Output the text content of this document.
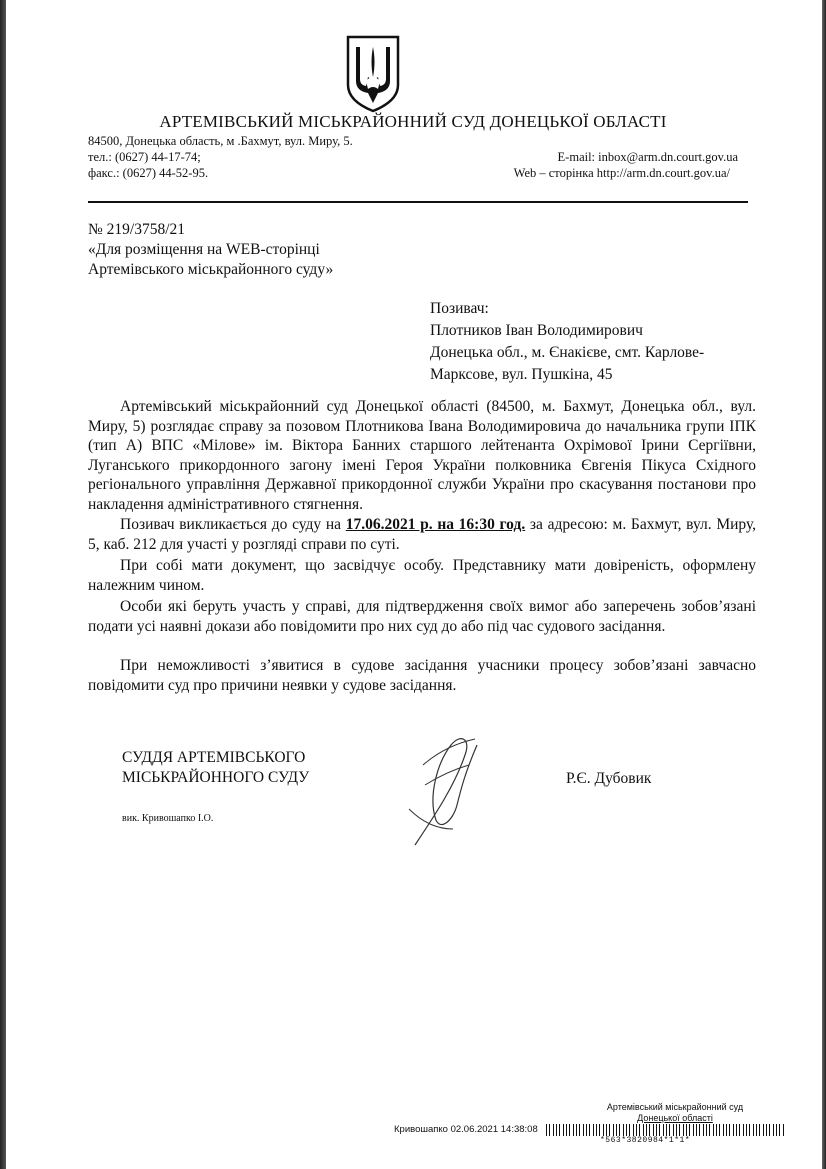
АРТЕМІВСЬКИЙ МІСЬКРАЙОННИЙ СУД ДОНЕЦЬКОЇ ОБЛАСТІ
84500, Донецька область, м .Бахмут, вул. Миру, 5.
тел.: (0627) 44-17-74;
факс.: (0627) 44-52-95.
E-mail: inbox@arm.dn.court.gov.ua
Web – сторінка http://arm.dn.court.gov.ua/
№ 219/3758/21
«Для розміщення на WEB-сторінці
Артемівського міськрайонного суду»
Позивач:
Плотников Іван Володимирович
Донецька обл., м. Єнакієве, смт. Карлове-
Марксове, вул. Пушкіна, 45

Артемівський міськрайонний суд Донецької області (84500, м. Бахмут, Донецька обл., вул. Миру, 5) розглядає справу за позовом Плотникова Івана Володимировича до начальника групи ІПК (тип А) ВПС «Мілове» ім. Віктора Банних старшого лейтенанта Охрімової Ірини Сергіївни, Луганського прикордонного загону імені Героя України полковника Євгенія Пікуса Східного регіонального управління Державної прикордонної служби України про скасування постанови про накладення адміністративного стягнення.

Позивач викликається до суду на 17.06.2021 р. на 16:30 год. за адресою: м. Бахмут, вул. Миру, 5, каб. 212 для участі у розгляді справи по суті.

При собі мати документ, що засвідчує особу. Представнику мати довіреність, оформлену належним чином.

Особи які беруть участь у справі, для підтвердження своїх вимог або заперечень зобов’язані подати усі наявні докази або повідомити про них суд до або під час судового засідання.

При неможливості з’явитися в судове засідання учасники процесу зобов’язані завчасно повідомити суд про причини неявки у судове засідання.

СУДДЯ АРТЕМІВСЬКОГО
МІСЬКРАЙОННОГО СУДУ
вик. Кривошапко І.О.
Р.Є. Дубовик
Артемівський міськрайонний суд
Донецької області
Кривошапко 02.06.2021 14:38:08
*563*3820984*1*1*
